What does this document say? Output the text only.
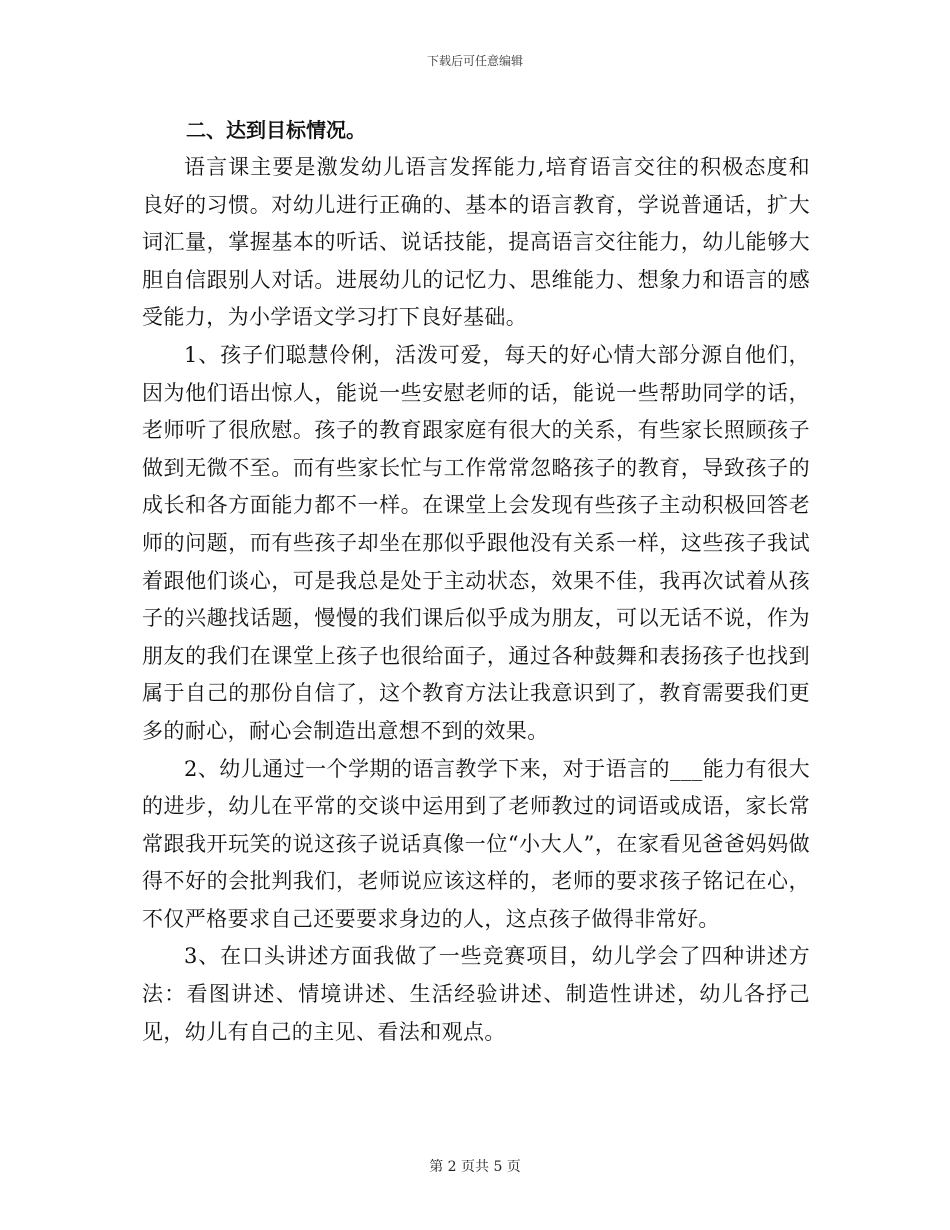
下载后可任意编辑
二、达到目标情况。

语言课主要是激发幼儿语言发挥能力,培育语言交往的积极态度和良好的习惯。对幼儿进行正确的、基本的语言教育，学说普通话，扩大词汇量，掌握基本的听话、说话技能，提高语言交往能力，幼儿能够大胆自信跟别人对话。进展幼儿的记忆力、思维能力、想象力和语言的感受能力，为小学语文学习打下良好基础。

1、孩子们聪慧伶俐，活泼可爱，每天的好心情大部分源自他们，因为他们语出惊人，能说一些安慰老师的话，能说一些帮助同学的话，老师听了很欣慰。孩子的教育跟家庭有很大的关系，有些家长照顾孩子做到无微不至。而有些家长忙与工作常常忽略孩子的教育，导致孩子的成长和各方面能力都不一样。在课堂上会发现有些孩子主动积极回答老师的问题，而有些孩子却坐在那似乎跟他没有关系一样，这些孩子我试着跟他们谈心，可是我总是处于主动状态，效果不佳，我再次试着从孩子的兴趣找话题，慢慢的我们课后似乎成为朋友，可以无话不说，作为朋友的我们在课堂上孩子也很给面子，通过各种鼓舞和表扬孩子也找到属于自己的那份自信了，这个教育方法让我意识到了，教育需要我们更多的耐心，耐心会制造出意想不到的效果。

2、幼儿通过一个学期的语言教学下来，对于语言的___能力有很大的进步，幼儿在平常的交谈中运用到了老师教过的词语或成语，家长常常跟我开玩笑的说这孩子说话真像一位“小大人”，在家看见爸爸妈妈做得不好的会批判我们，老师说应该这样的，老师的要求孩子铭记在心，不仅严格要求自己还要要求身边的人，这点孩子做得非常好。

3、在口头讲述方面我做了一些竞赛项目，幼儿学会了四种讲述方法：看图讲述、情境讲述、生活经验讲述、制造性讲述，幼儿各抒己见，幼儿有自己的主见、看法和观点。

第 2 页共 5 页
